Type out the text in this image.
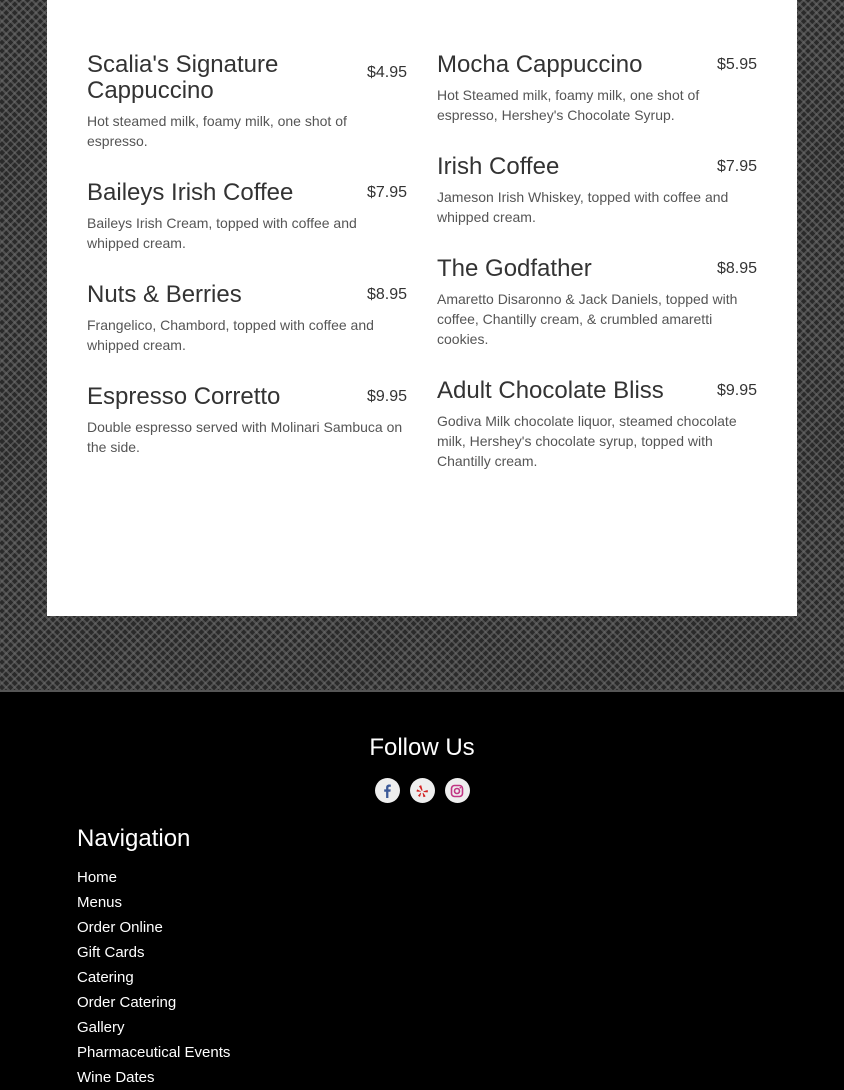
Scalia's Signature Cappuccino
$4.95

Hot steamed milk, foamy milk, one shot of espresso.

Baileys Irish Coffee	$7.95

Baileys Irish Cream, topped with coffee and whipped cream.

Nuts & Berries	$8.95

Frangelico, Chambord, topped with coffee and whipped cream.

Espresso Corretto	$9.95

Double espresso served with Molinari Sambuca on the side.

Mocha Cappuccino	$5.95

Hot Steamed milk, foamy milk, one shot of espresso, Hershey's Chocolate Syrup.

Irish Coffee	$7.95

Jameson Irish Whiskey, topped with coffee and whipped cream.

The Godfather	$8.95

Amaretto Disaronno & Jack Daniels, topped with coffee, Chantilly cream, & crumbled amaretti cookies.

Adult Chocolate Bliss	$9.95

Godiva Milk chocolate liquor, steamed chocolate milk, Hershey's chocolate syrup, topped with Chantilly cream.

Follow Us
Navigation
Home
Menus
Order Online
Gift Cards
Catering
Order Catering
Gallery
Pharmaceutical Events
Wine Dates
